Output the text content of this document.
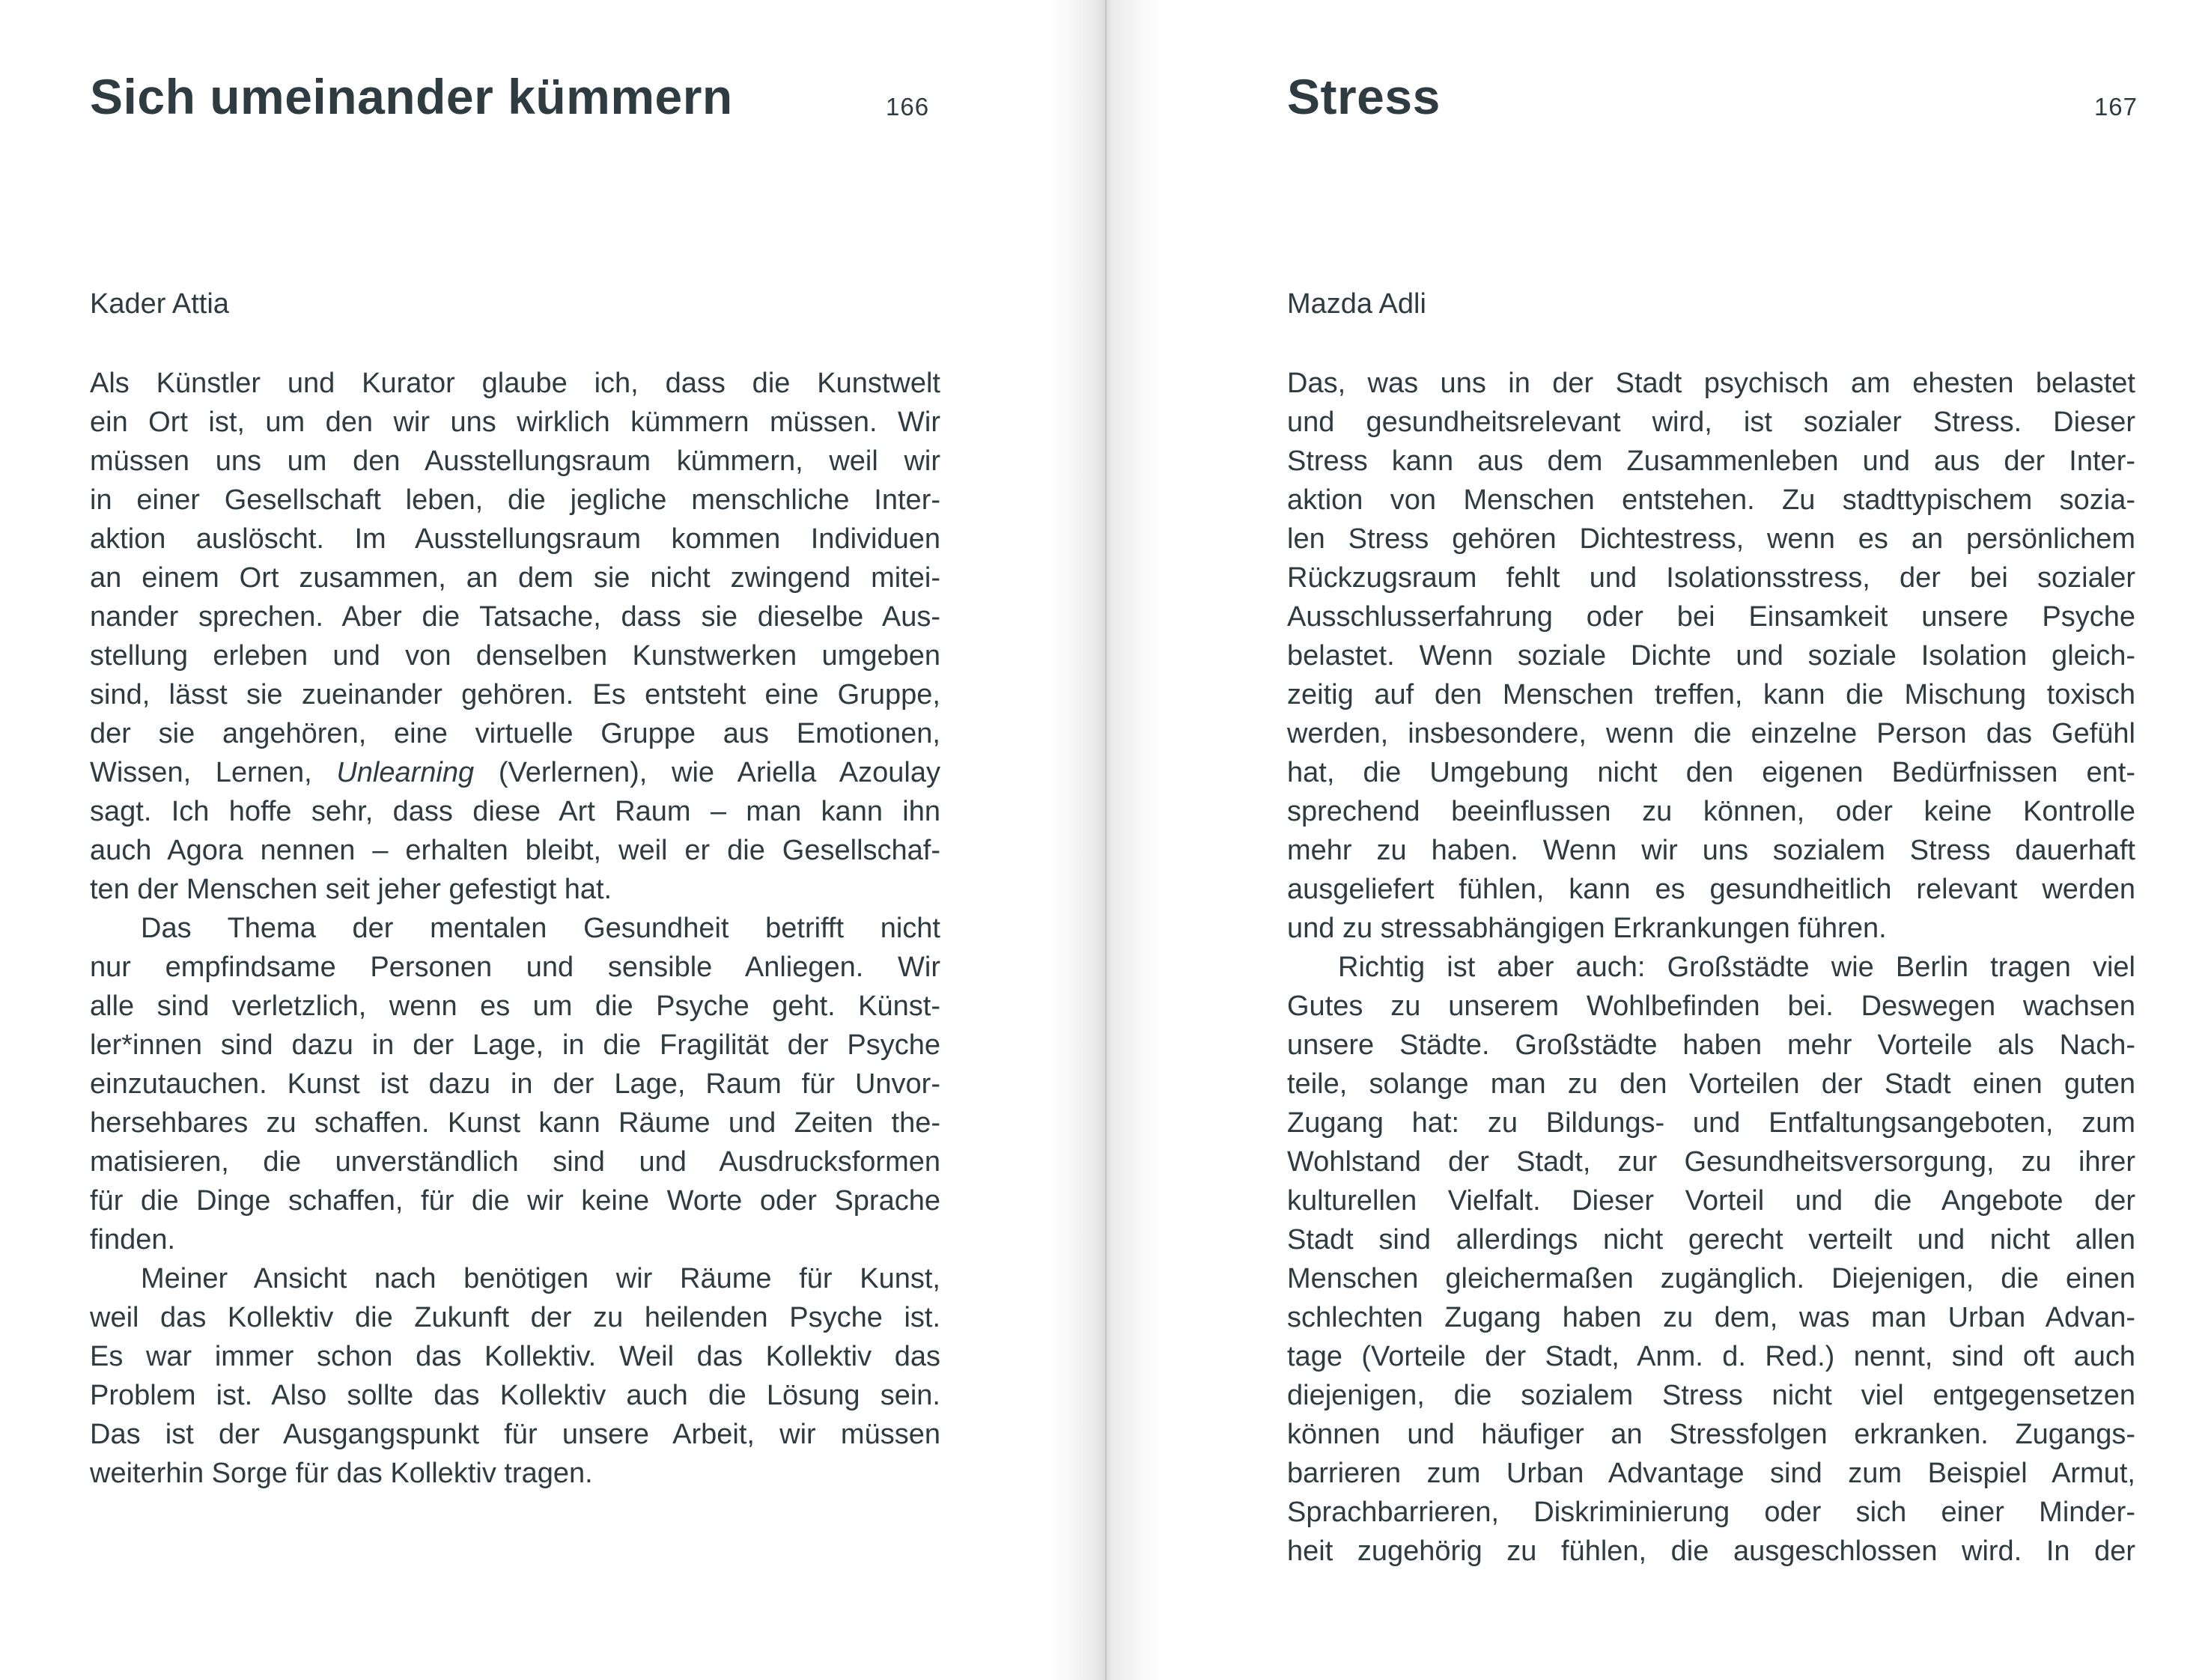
Sich umeinander kümmern	166
Kader Attia
Als Künstler und Kurator glaube ich, dass die Kunstwelt
ein Ort ist, um den wir uns wirklich kümmern müssen. Wir
müssen uns um den Ausstellungsraum kümmern, weil wir
in einer Gesellschaft leben, die jegliche menschliche Inter-
aktion auslöscht. Im Ausstellungsraum kommen Individuen
an einem Ort zusammen, an dem sie nicht zwingend mitei-
nander sprechen. Aber die Tatsache, dass sie dieselbe Aus-
stellung erleben und von denselben Kunstwerken umgeben
sind, lässt sie zueinander gehören. Es entsteht eine Gruppe,
der sie angehören, eine virtuelle Gruppe aus Emotionen,
Wissen, Lernen, Unlearning (Verlernen), wie Ariella Azoulay
sagt. Ich hoffe sehr, dass diese Art Raum – man kann ihn
auch Agora nennen – erhalten bleibt, weil er die Gesellschaf-
ten der Menschen seit jeher gefestigt hat.
Das Thema der mentalen Gesundheit betrifft nicht
nur empfindsame Personen und sensible Anliegen. Wir
alle sind verletzlich, wenn es um die Psyche geht. Künst-
ler*innen sind dazu in der Lage, in die Fragilität der Psyche
einzutauchen. Kunst ist dazu in der Lage, Raum für Unvor-
hersehbares zu schaffen. Kunst kann Räume und Zeiten the-
matisieren, die unverständlich sind und Ausdrucksformen
für die Dinge schaffen, für die wir keine Worte oder Sprache
finden.
Meiner Ansicht nach benötigen wir Räume für Kunst,
weil das Kollektiv die Zukunft der zu heilenden Psyche ist.
Es war immer schon das Kollektiv. Weil das Kollektiv das
Problem ist. Also sollte das Kollektiv auch die Lösung sein.
Das ist der Ausgangspunkt für unsere Arbeit, wir müssen
weiterhin Sorge für das Kollektiv tragen.
Stress	167
Mazda Adli
Das, was uns in der Stadt psychisch am ehesten belastet
und gesundheitsrelevant wird, ist sozialer Stress. Dieser
Stress kann aus dem Zusammenleben und aus der Inter-
aktion von Menschen entstehen. Zu stadttypischem sozia-
len Stress gehören Dichtestress, wenn es an persönlichem
Rückzugsraum fehlt und Isolationsstress, der bei sozialer
Ausschlusserfahrung oder bei Einsamkeit unsere Psyche
belastet. Wenn soziale Dichte und soziale Isolation gleich-
zeitig auf den Menschen treffen, kann die Mischung toxisch
werden, insbesondere, wenn die einzelne Person das Gefühl
hat, die Umgebung nicht den eigenen Bedürfnissen ent-
sprechend beeinflussen zu können, oder keine Kontrolle
mehr zu haben. Wenn wir uns sozialem Stress dauerhaft
ausgeliefert fühlen, kann es gesundheitlich relevant werden
und zu stressabhängigen Erkrankungen führen.
Richtig ist aber auch: Großstädte wie Berlin tragen viel
Gutes zu unserem Wohlbefinden bei. Deswegen wachsen
unsere Städte. Großstädte haben mehr Vorteile als Nach-
teile, solange man zu den Vorteilen der Stadt einen guten
Zugang hat: zu Bildungs- und Entfaltungsangeboten, zum
Wohlstand der Stadt, zur Gesundheitsversorgung, zu ihrer
kulturellen Vielfalt. Dieser Vorteil und die Angebote der
Stadt sind allerdings nicht gerecht verteilt und nicht allen
Menschen gleichermaßen zugänglich. Diejenigen, die einen
schlechten Zugang haben zu dem, was man Urban Advan-
tage (Vorteile der Stadt, Anm. d. Red.) nennt, sind oft auch
diejenigen, die sozialem Stress nicht viel entgegensetzen
können und häufiger an Stressfolgen erkranken. Zugangs-
barrieren zum Urban Advantage sind zum Beispiel Armut,
Sprachbarrieren, Diskriminierung oder sich einer Minder-
heit zugehörig zu fühlen, die ausgeschlossen wird. In der
